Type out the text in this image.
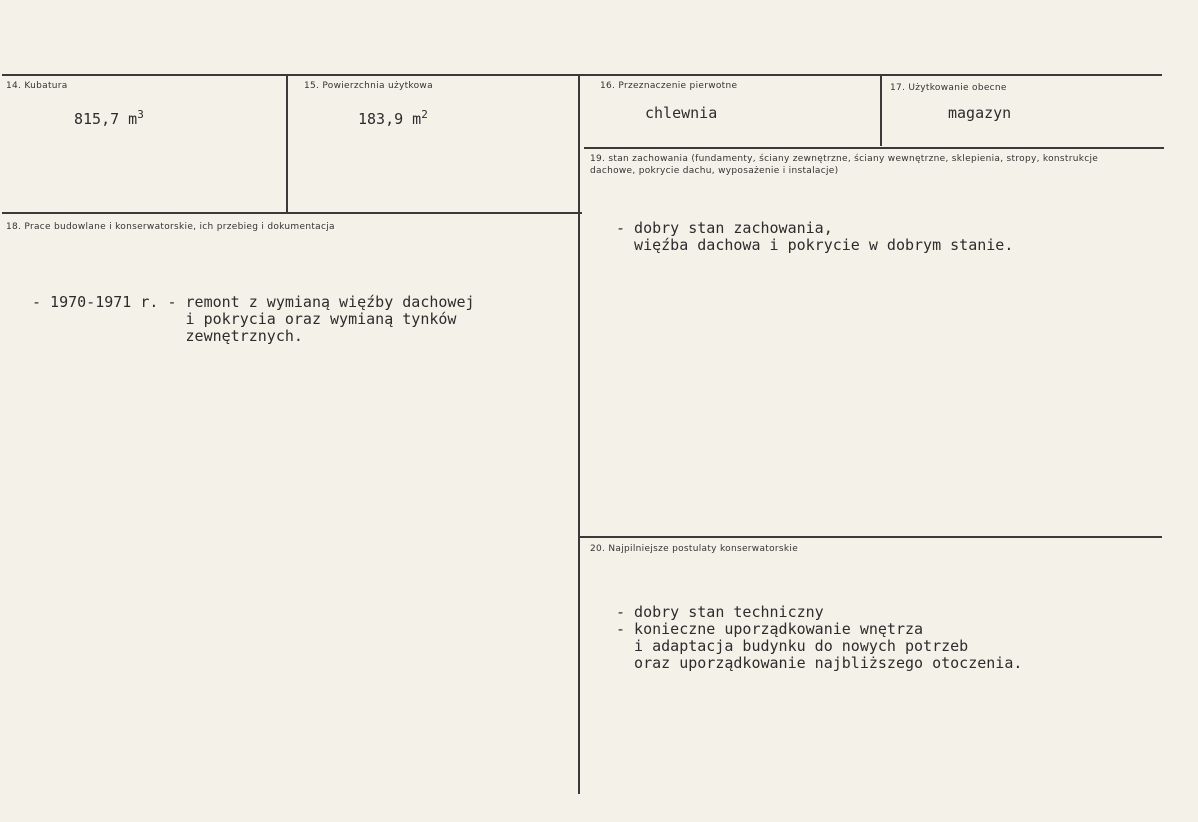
14. Kubatura
815,7 $m^3$
15. Powierzchnia użytkowa
183,9 $m^2$
16. Przeznaczenie pierwotne
chlewnia
17. Użytkowanie obecne
magazyn
18. Prace budowlane i konserwatorskie, ich przebieg i dokumentacja

- 1970-1971 r. - remont z wymianą więźby dachowej
i pokrycia oraz wymianą tynków
zewnętrznych.

19. stan zachowania (fundamenty, ściany zewnętrzne, ściany wewnętrzne, sklepienia, stropy, konstrukcje dachowe, pokrycie dachu, wyposażenie i instalacje)

- dobry stan zachowania,
więźba dachowa i pokrycie w dobrym stanie.

20. Najpilniejsze postulaty konserwatorskie

- dobry stan techniczny
- konieczne uporządkowanie wnętrza
i adaptacja budynku do nowych potrzeb
oraz uporządkowanie najbliższego otoczenia.
